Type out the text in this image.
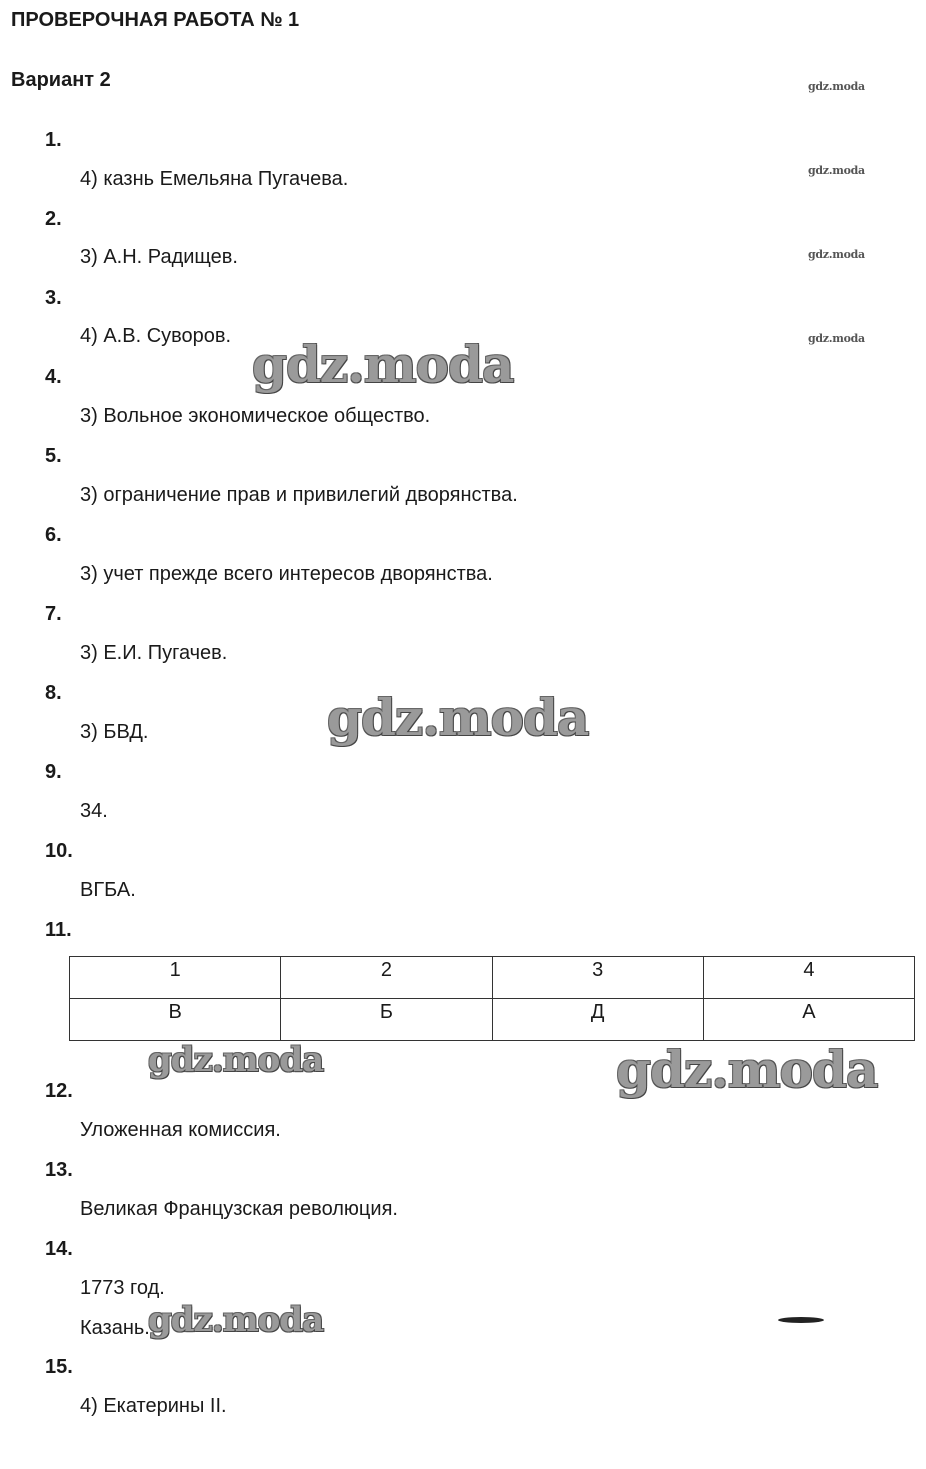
ПРОВЕРОЧНАЯ РАБОТА № 1
Вариант 2	gdz.moda
gdz.moda
gdz.moda
gdz.moda
1.
4) казнь Емельяна Пугачева.
2.
3) А.Н. Радищев.
3.
4) А.В. Суворов.
4.
3) Вольное экономическое общество.
5.
3) ограничение прав и привилегий дворянства.
6.
3) учет прежде всего интересов дворянства.
7.
3) Е.И. Пугачев.
8.
3) БВД.
9.
34.
10.
ВГБА.
11.
1	2	3	4
В	Б	Д	А
12.
Уложенная комиссия.
13.
Великая Французская революция.
14.
1773 год.
Казань.
15.
4) Екатерины II.
gdz.moda
gdz.moda
gdz.moda	gdz.moda
gdz.moda
